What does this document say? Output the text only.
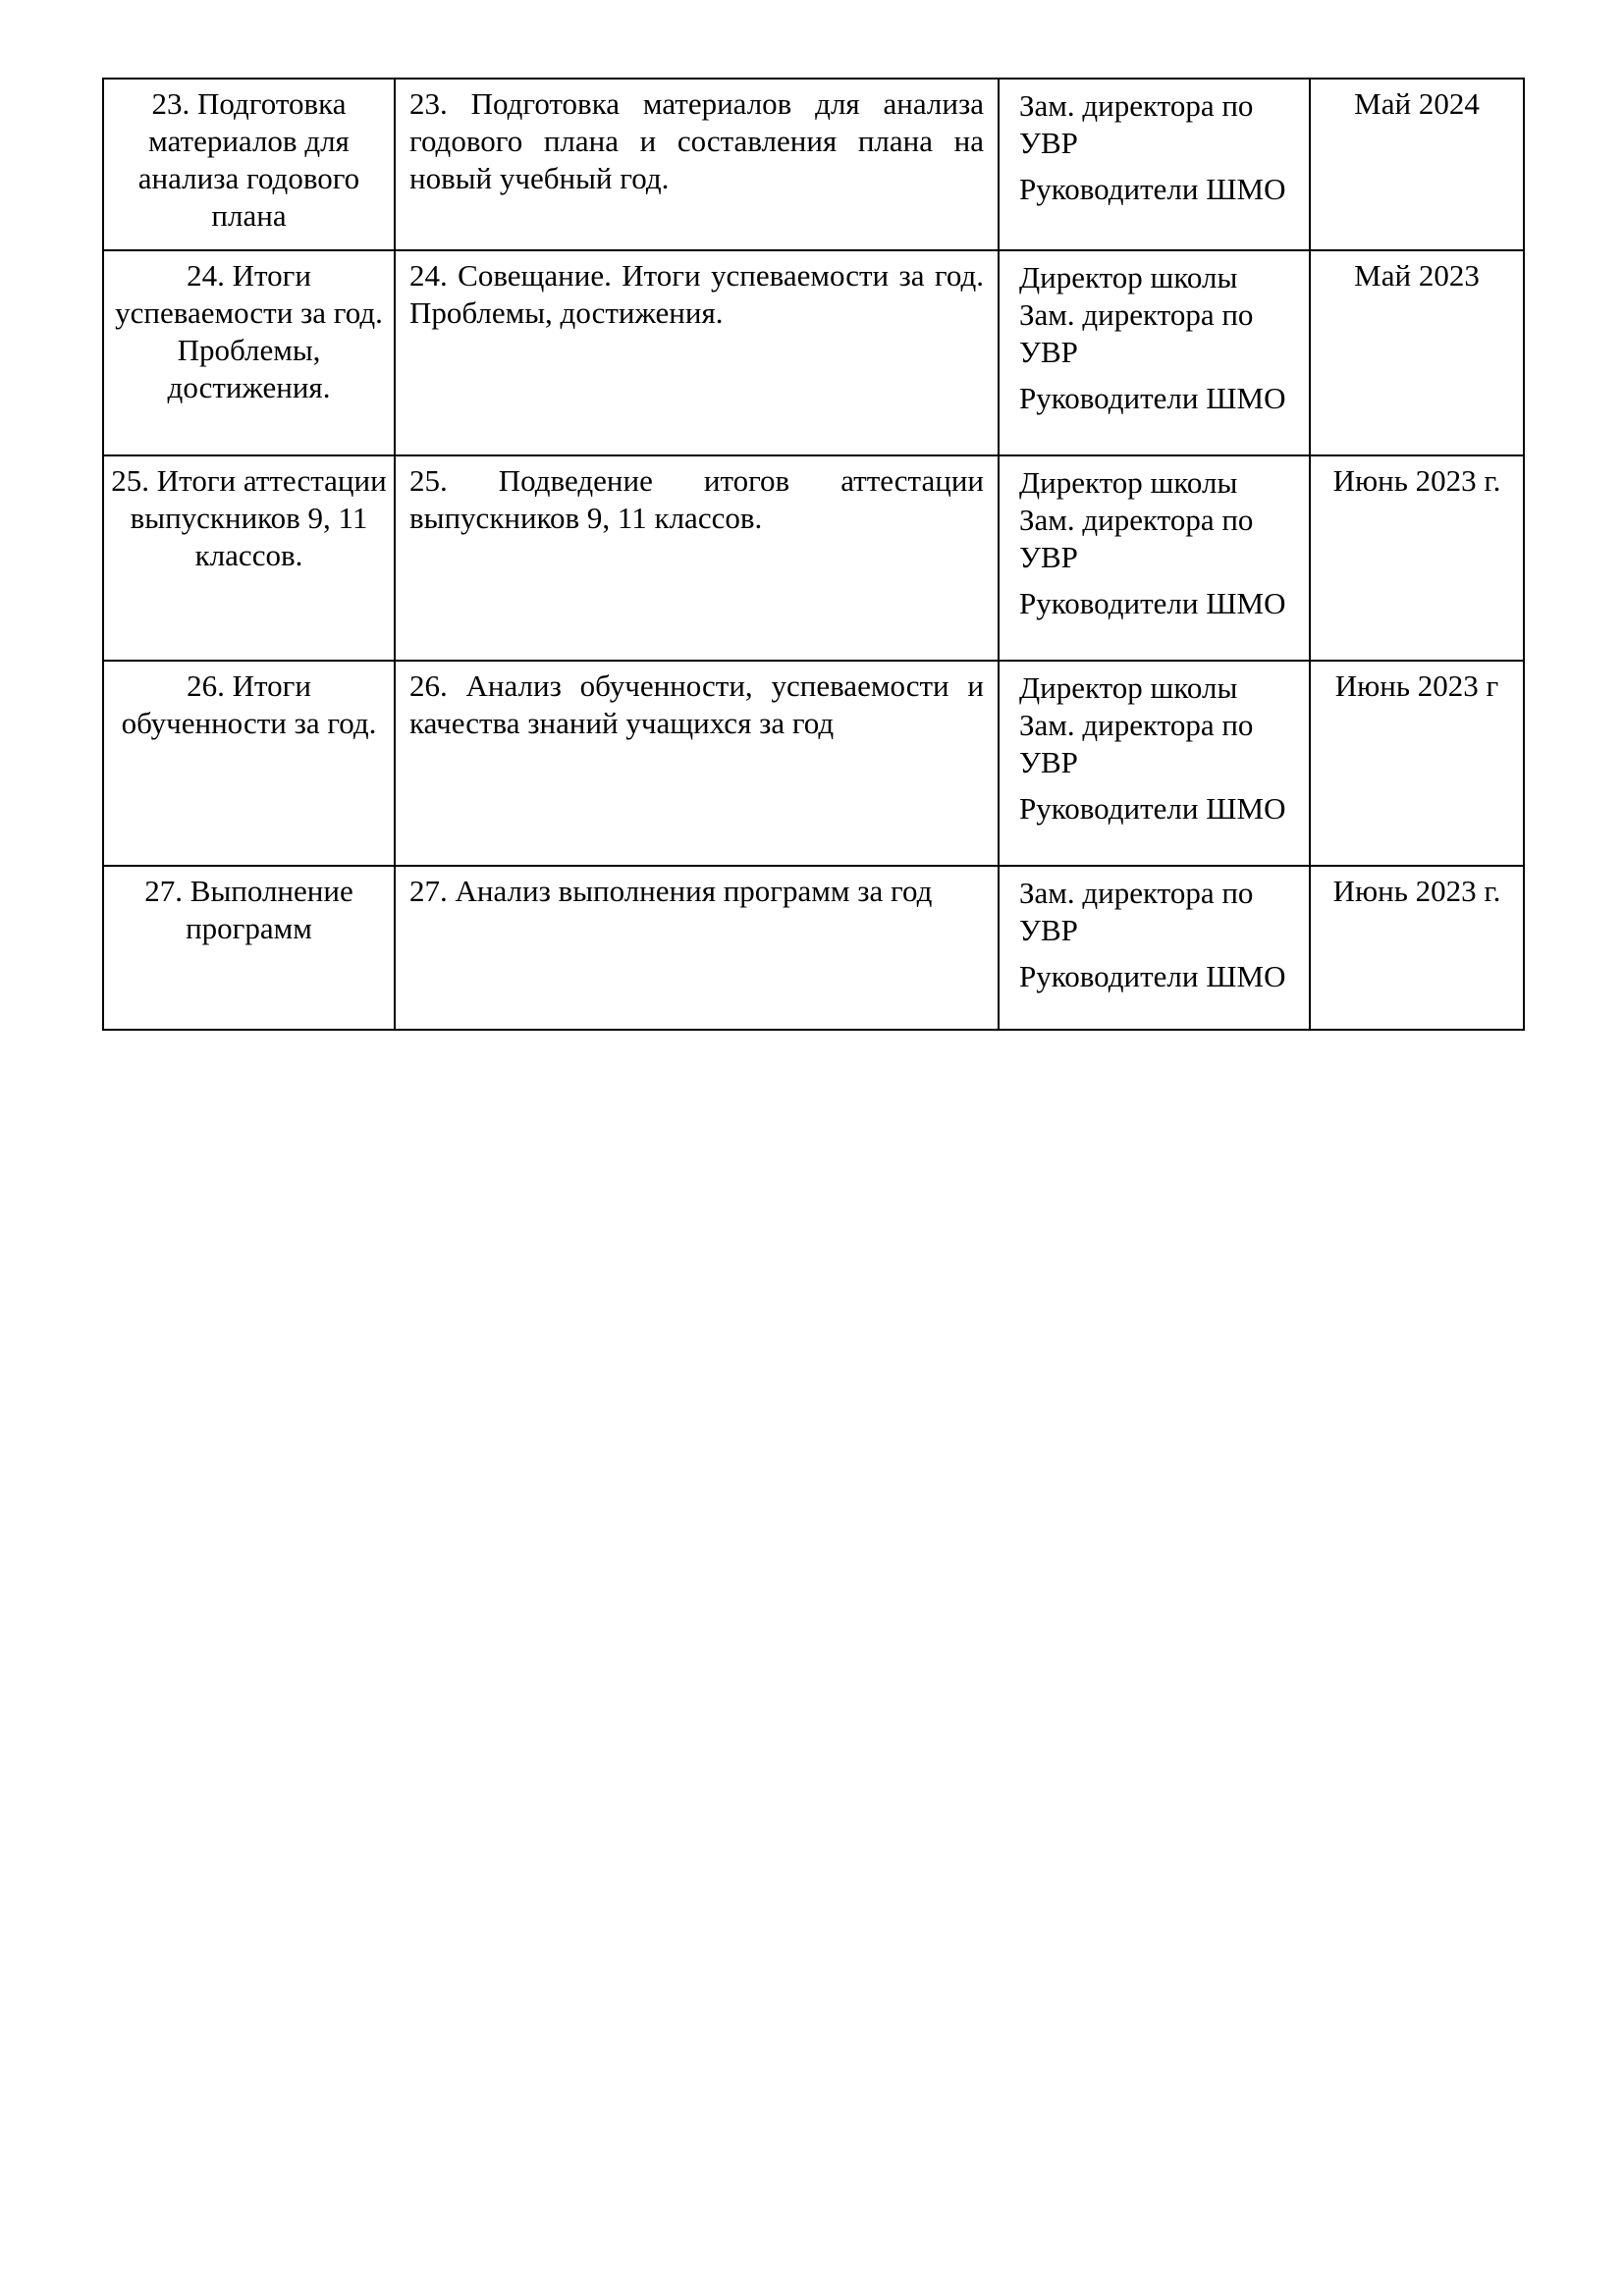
23. Подготовка материалов для анализа годового плана	23. Подготовка материалов для анализа годового плана и составления плана на новый учебный год.	Зам. директора по УВР
Руководители ШМО	Май 2024

24. Итоги успеваемости за год. Проблемы, достижения.	24. Совещание. Итоги успеваемости за год. Проблемы, достижения.	Директор школы
Зам. директора по УВР
Руководители ШМО	Май 2023

25. Итоги аттестации выпускников 9, 11 классов.	25. Подведение итогов аттестации выпускников 9, 11 классов.	Директор школы
Зам. директора по УВР
Руководители ШМО	Июнь 2023 г.

26. Итоги обученности за год.	26. Анализ обученности, успеваемости и качества знаний учащихся за год	Директор школы
Зам. директора по УВР
Руководители ШМО	Июнь 2023 г

27. Выполнение программ	27. Анализ выполнения программ за год	Зам. директора по УВР
Руководители ШМО	Июнь 2023 г.
